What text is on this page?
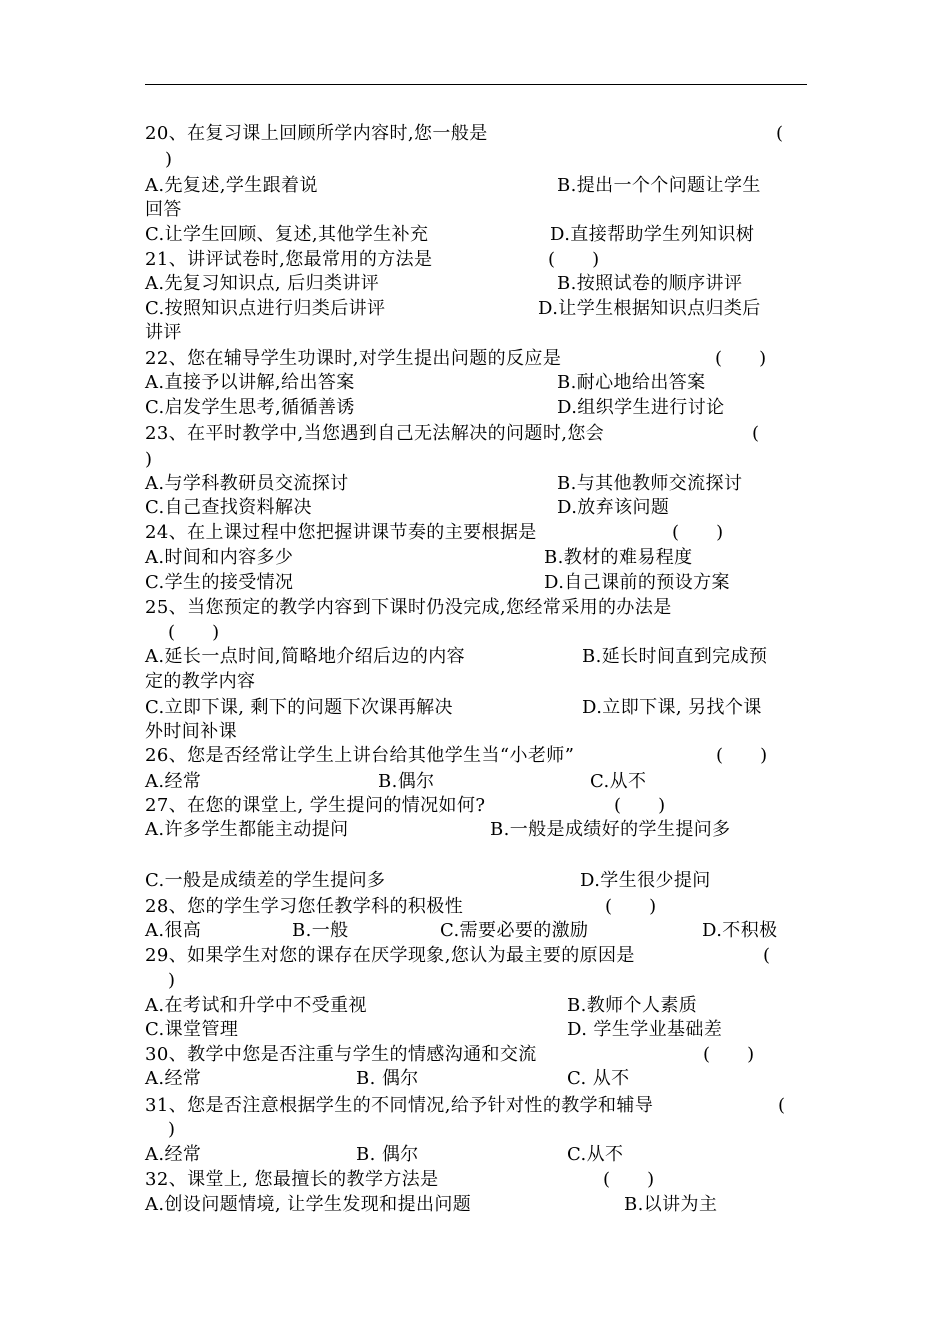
20、在复习课上回顾所学内容时,您一般是	(
)
A.先复述,学生跟着说	B.提出一个个问题让学生
回答
C.让学生回顾、复述,其他学生补充	D.直接帮助学生列知识树
21、讲评试卷时,您最常用的方法是	(      )
A.先复习知识点, 后归类讲评	B.按照试卷的顺序讲评
C.按照知识点进行归类后讲评	D.让学生根据知识点归类后
讲评
22、您在辅导学生功课时,对学生提出问题的反应是	(      )
A.直接予以讲解,给出答案	B.耐心地给出答案
C.启发学生思考,循循善诱	D.组织学生进行讨论
23、在平时教学中,当您遇到自己无法解决的问题时,您会	(
)
A.与学科教研员交流探讨	B.与其他教师交流探讨
C.自己查找资料解决	D.放弃该问题
24、在上课过程中您把握讲课节奏的主要根据是	(      )
A.时间和内容多少	B.教材的难易程度
C.学生的接受情况	D.自己课前的预设方案
25、当您预定的教学内容到下课时仍没完成,您经常采用的办法是
(      )
A.延长一点时间,简略地介绍后边的内容	B.延长时间直到完成预
定的教学内容
C.立即下课, 剩下的问题下次课再解决	D.立即下课, 另找个课
外时间补课
26、您是否经常让学生上讲台给其他学生当“小老师”	(      )
A.经常	B.偶尔	C.从不
27、在您的课堂上, 学生提问的情况如何?	(      )
A.许多学生都能主动提问	B.一般是成绩好的学生提问多
C.一般是成绩差的学生提问多	D.学生很少提问
28、您的学生学习您任教学科的积极性	(      )
A.很高	B.一般	C.需要必要的激励	D.不积极
29、如果学生对您的课存在厌学现象,您认为最主要的原因是	(
)
A.在考试和升学中不受重视	B.教师个人素质
C.课堂管理	D. 学生学业基础差
30、教学中您是否注重与学生的情感沟通和交流	(      )
A.经常	B. 偶尔	C. 从不
31、您是否注意根据学生的不同情况,给予针对性的教学和辅导	(
)
A.经常	B. 偶尔	C.从不
32、课堂上, 您最擅长的教学方法是	(      )
A.创设问题情境, 让学生发现和提出问题	B.以讲为主
